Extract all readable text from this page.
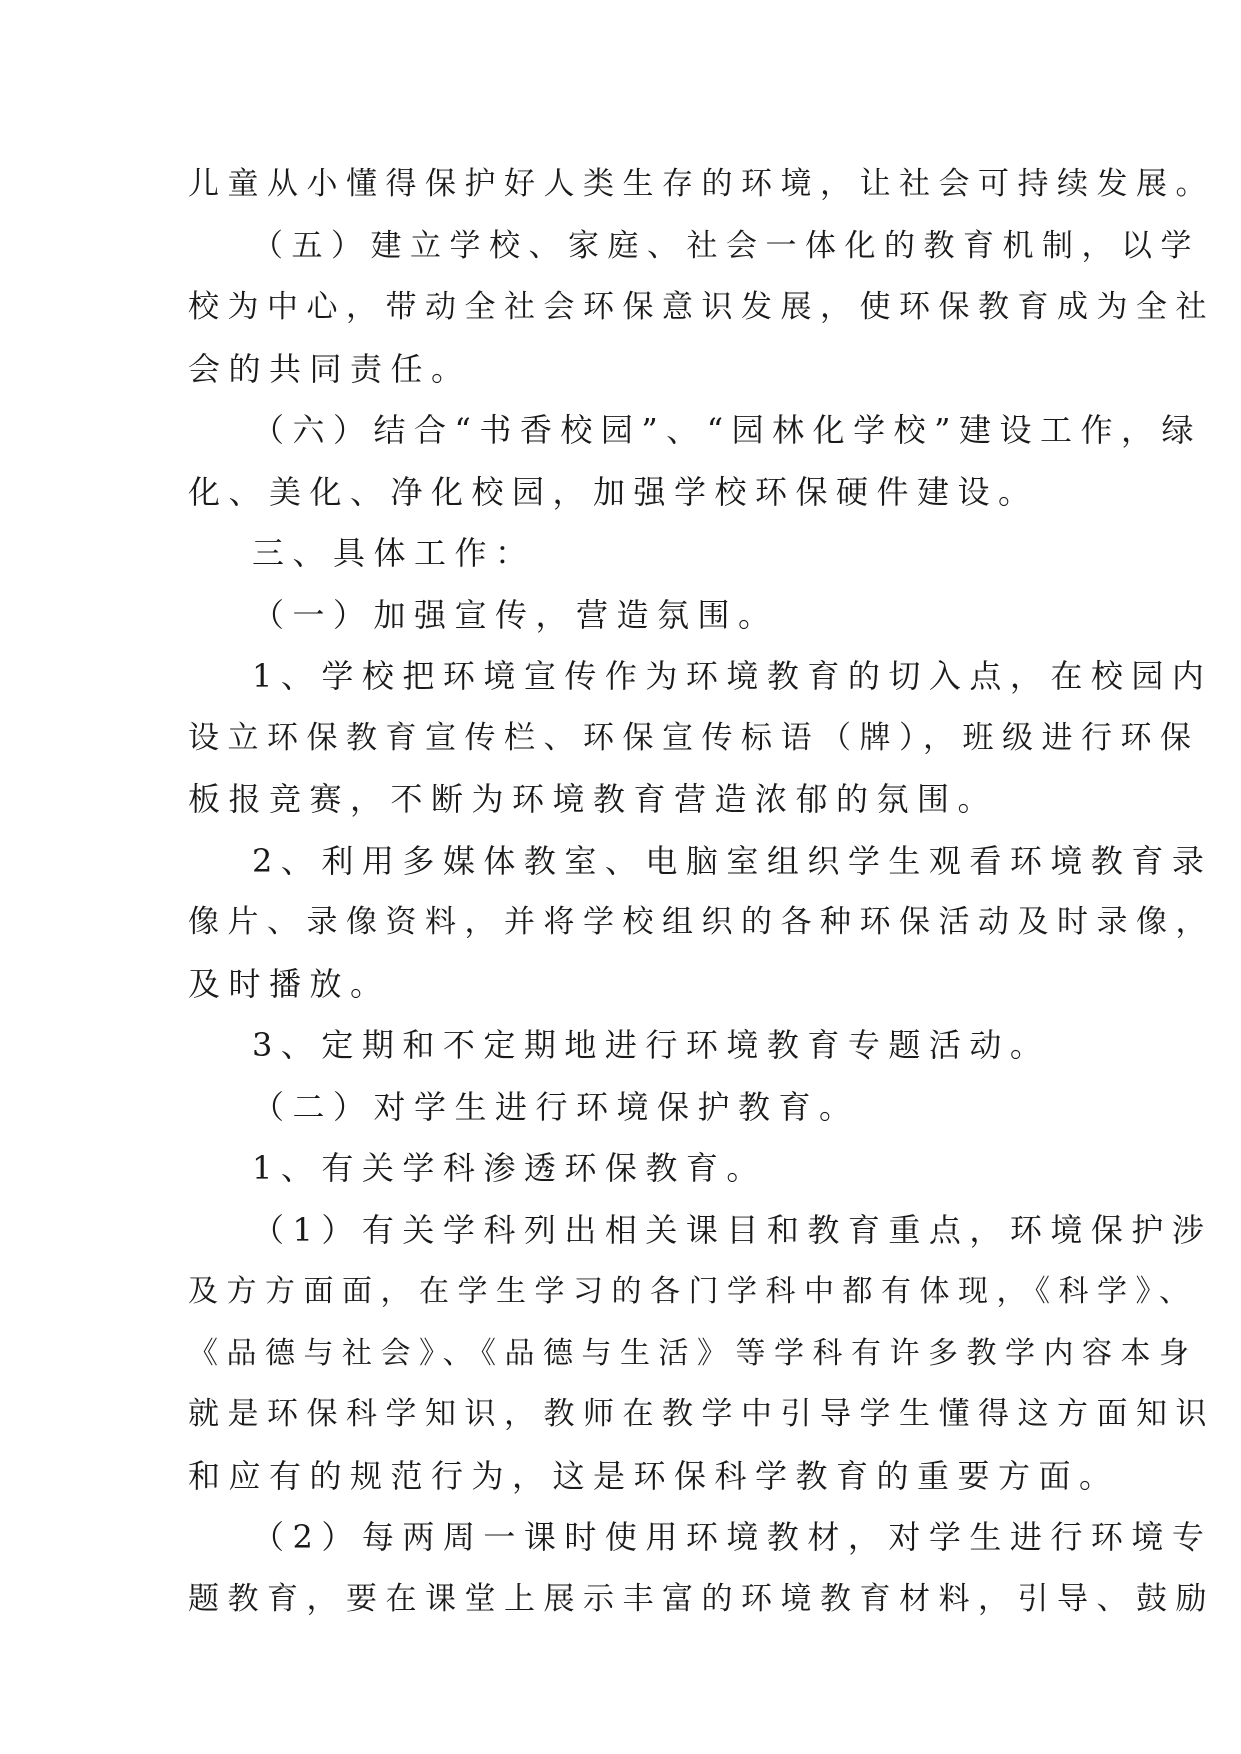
儿童从小懂得保护好人类生存的环境，让社会可持续发展。
（五）建立学校、家庭、社会一体化的教育机制，以学
校为中心，带动全社会环保意识发展，使环保教育成为全社
会的共同责任。
（六）结合“书香校园”、“园林化学校”建设工作，绿
化、美化、净化校园，加强学校环保硬件建设。
三、具体工作：
（一）加强宣传，营造氛围。
1、学校把环境宣传作为环境教育的切入点，在校园内
设立环保教育宣传栏、环保宣传标语（牌），班级进行环保
板报竞赛，不断为环境教育营造浓郁的氛围。
2、利用多媒体教室、电脑室组织学生观看环境教育录
像片、录像资料，并将学校组织的各种环保活动及时录像，
及时播放。
3、定期和不定期地进行环境教育专题活动。
（二）对学生进行环境保护教育。
1、有关学科渗透环保教育。
（1）有关学科列出相关课目和教育重点，环境保护涉
及方方面面，在学生学习的各门学科中都有体现，《科学》、
《品德与社会》、《品德与生活》等学科有许多教学内容本身
就是环保科学知识，教师在教学中引导学生懂得这方面知识
和应有的规范行为，这是环保科学教育的重要方面。
（2）每两周一课时使用环境教材，对学生进行环境专
题教育，要在课堂上展示丰富的环境教育材料，引导、鼓励
